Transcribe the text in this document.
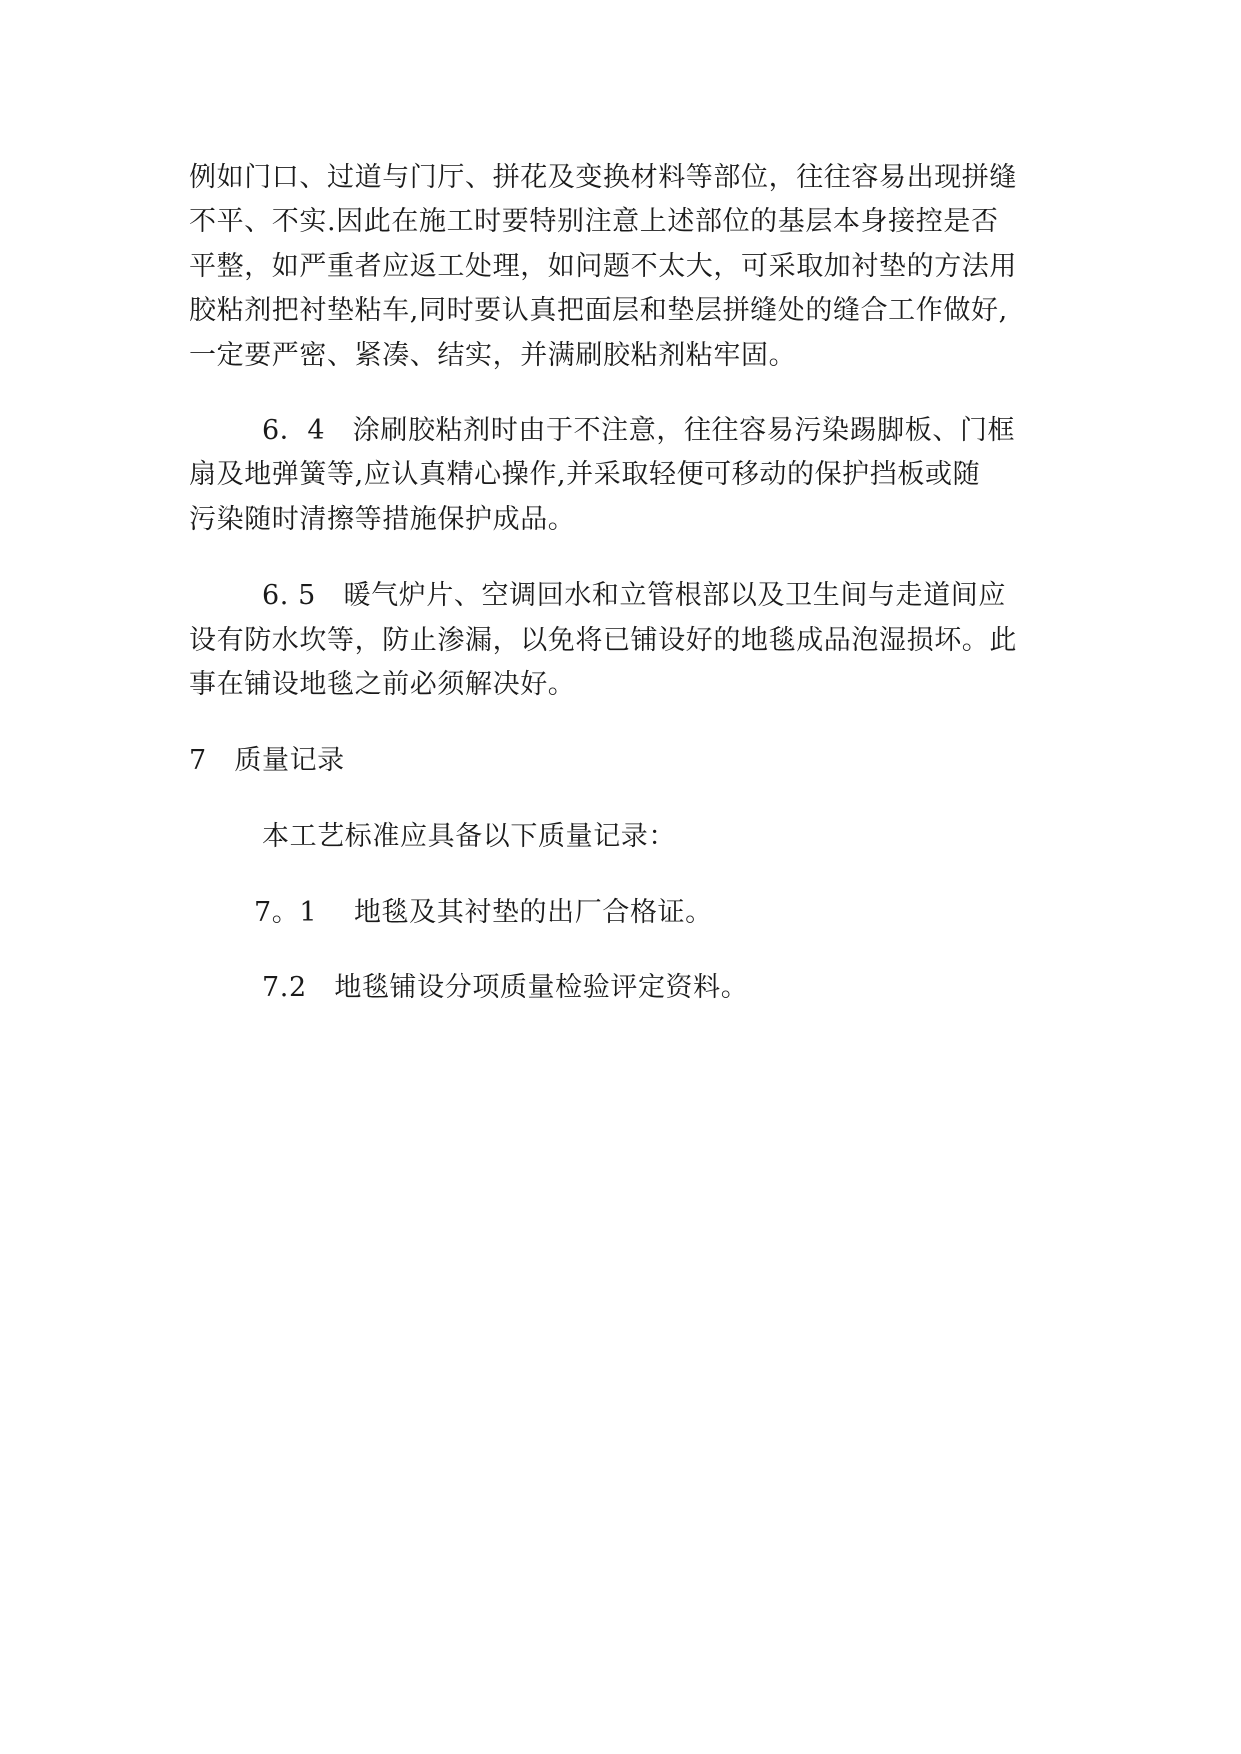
例如门口、过道与门厅、拼花及变换材料等部位，往往容易出现拼缝
不平、不实.因此在施工时要特别注意上述部位的基层本身接控是否
平整，如严重者应返工处理，如问题不太大，可采取加衬垫的方法用
胶粘剂把衬垫粘车,同时要认真把面层和垫层拼缝处的缝合工作做好,
一定要严密、紧凑、结实，并满刷胶粘剂粘牢固。
6．4　涂刷胶粘剂时由于不注意，往往容易污染踢脚板、门框
扇及地弹簧等,应认真精心操作,并采取轻便可移动的保护挡板或随
污染随时清擦等措施保护成品。
6. 5　暖气炉片、空调回水和立管根部以及卫生间与走道间应
设有防水坎等，防止渗漏，以免将已铺设好的地毯成品泡湿损坏。此
事在铺设地毯之前必须解决好。
7　质量记录
本工艺标准应具备以下质量记录：
7。1　 地毯及其衬垫的出厂合格证。
7.2　地毯铺设分项质量检验评定资料。
